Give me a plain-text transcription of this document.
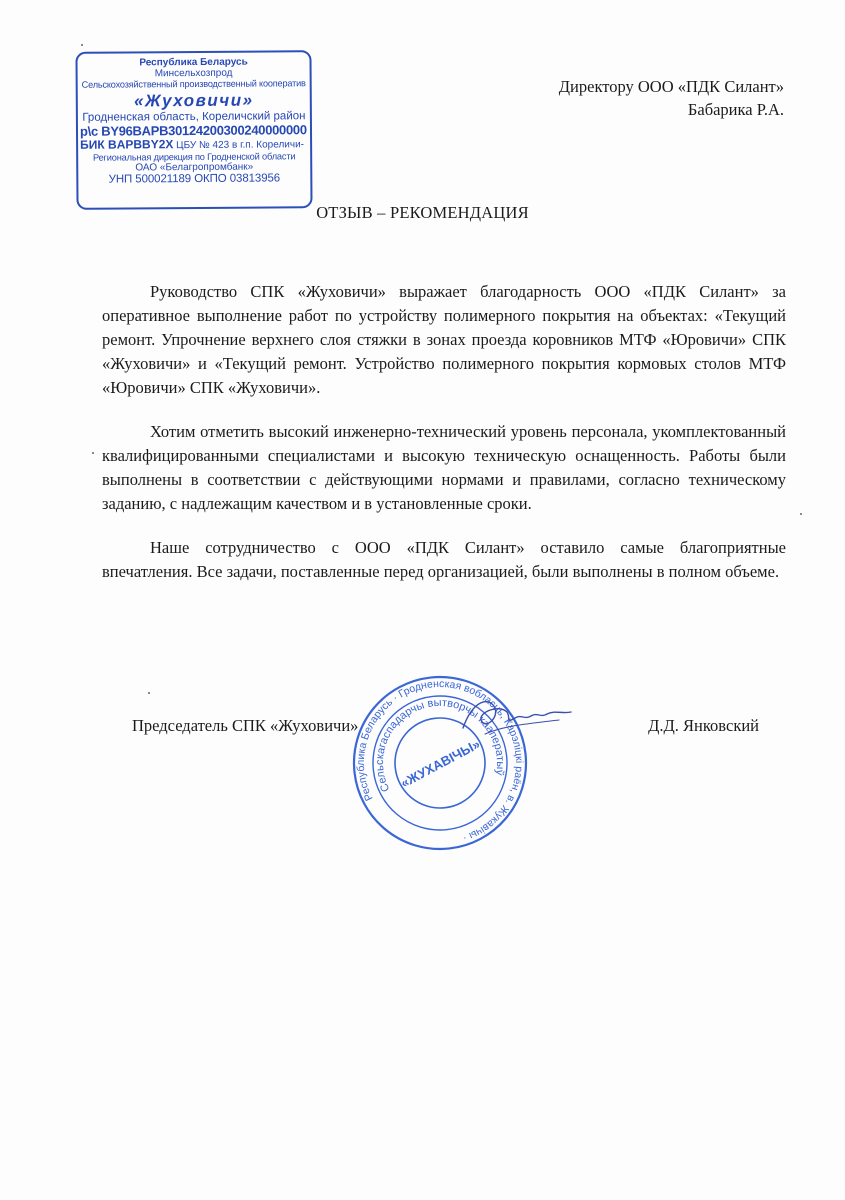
Республика Беларусь
Минсельхозпрод
Сельскохозяйственный производственный кооператив
«Жуховичи»
Гродненская область, Кореличский район
р\с BY96BAPB30124200300240000000
БИК BAPBBY2X ЦБУ № 423 в г.п. Кореличи-
Региональная дирекция по Гродненской области
ОАО «Белагропромбанк»
УНП 500021189 ОКПО 03813956
Директору ООО «ПДК Силант»
Бабарика Р.А.
ОТЗЫВ – РЕКОМЕНДАЦИЯ

Руководство СПК «Жуховичи» выражает благодарность ООО «ПДК Силант» за оперативное выполнение работ по устройству полимерного покрытия на объектах: «Текущий ремонт. Упрочнение верхнего слоя стяжки в зонах проезда коровников МТФ «Юровичи» СПК «Жуховичи» и «Текущий ремонт. Устройство полимерного покрытия кормовых столов МТФ «Юровичи» СПК «Жуховичи».

Хотим отметить высокий инженерно-технический уровень персонала, укомплектованный квалифицированными специалистами и высокую техническую оснащенность. Работы были выполнены в соответствии с действующими нормами и правилами, согласно техническому заданию, с надлежащим качеством и в установленные сроки.

Наше сотрудничество с ООО «ПДК Силант» оставило самые благоприятные впечатления. Все задачи, поставленные перед организацией, были выполнены в полном объеме.

Республика Беларусь · Гродненская вобласць, Карэліцкі раён, в. Жукавічы ·
Сельскагаспадарчы вытворчы кааператыў
«ЖУХАВІЧЫ»
Председатель СПК «Жуховичи»	Д.Д. Янковский
